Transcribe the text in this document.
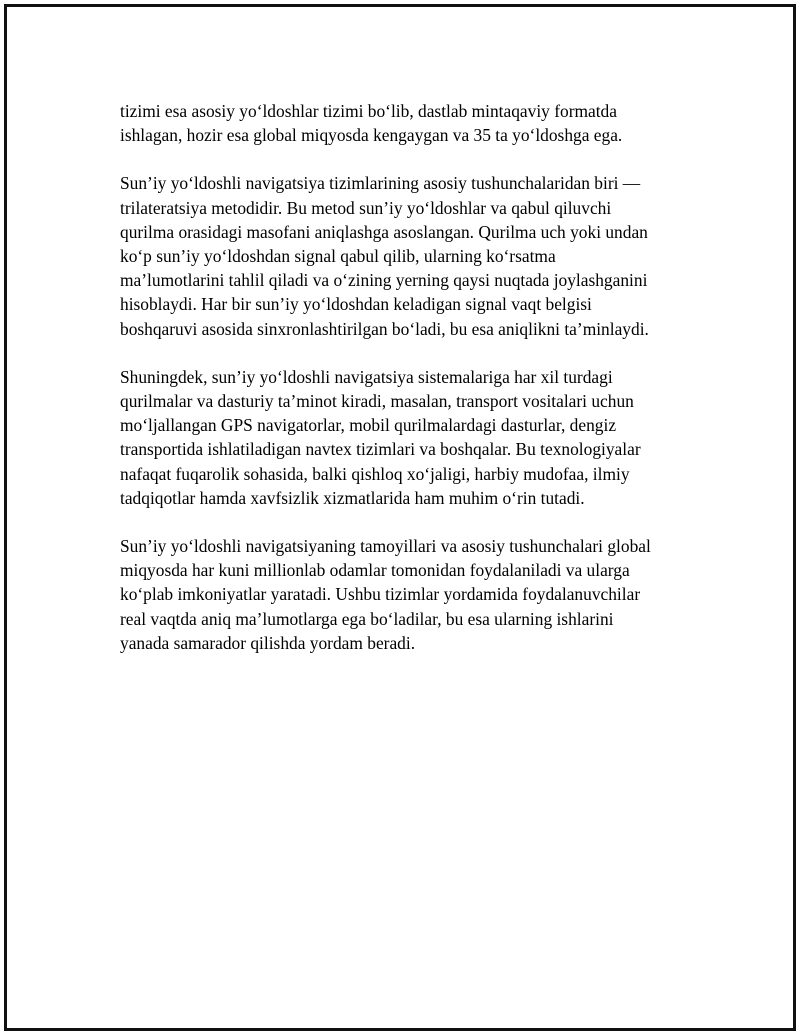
tizimi esa asosiy yo‘ldoshlar tizimi bo‘lib, dastlab mintaqaviy formatda
ishlagan, hozir esa global miqyosda kengaygan va 35 ta yo‘ldoshga ega.

Sun’iy yo‘ldoshli navigatsiya tizimlarining asosiy tushunchalaridan biri —
trilateratsiya metodidir. Bu metod sun’iy yo‘ldoshlar va qabul qiluvchi
qurilma orasidagi masofani aniqlashga asoslangan. Qurilma uch yoki undan
ko‘p sun’iy yo‘ldoshdan signal qabul qilib, ularning ko‘rsatma
ma’lumotlarini tahlil qiladi va o‘zining yerning qaysi nuqtada joylashganini
hisoblaydi. Har bir sun’iy yo‘ldoshdan keladigan signal vaqt belgisi
boshqaruvi asosida sinxronlashtirilgan bo‘ladi, bu esa aniqlikni ta’minlaydi.

Shuningdek, sun’iy yo‘ldoshli navigatsiya sistemalariga har xil turdagi
qurilmalar va dasturiy ta’minot kiradi, masalan, transport vositalari uchun
mo‘ljallangan GPS navigatorlar, mobil qurilmalardagi dasturlar, dengiz
transportida ishlatiladigan navtex tizimlari va boshqalar. Bu texnologiyalar
nafaqat fuqarolik sohasida, balki qishloq xo‘jaligi, harbiy mudofaa, ilmiy
tadqiqotlar hamda xavfsizlik xizmatlarida ham muhim o‘rin tutadi.

Sun’iy yo‘ldoshli navigatsiyaning tamoyillari va asosiy tushunchalari global
miqyosda har kuni millionlab odamlar tomonidan foydalaniladi va ularga
ko‘plab imkoniyatlar yaratadi. Ushbu tizimlar yordamida foydalanuvchilar
real vaqtda aniq ma’lumotlarga ega bo‘ladilar, bu esa ularning ishlarini
yanada samarador qilishda yordam beradi.
